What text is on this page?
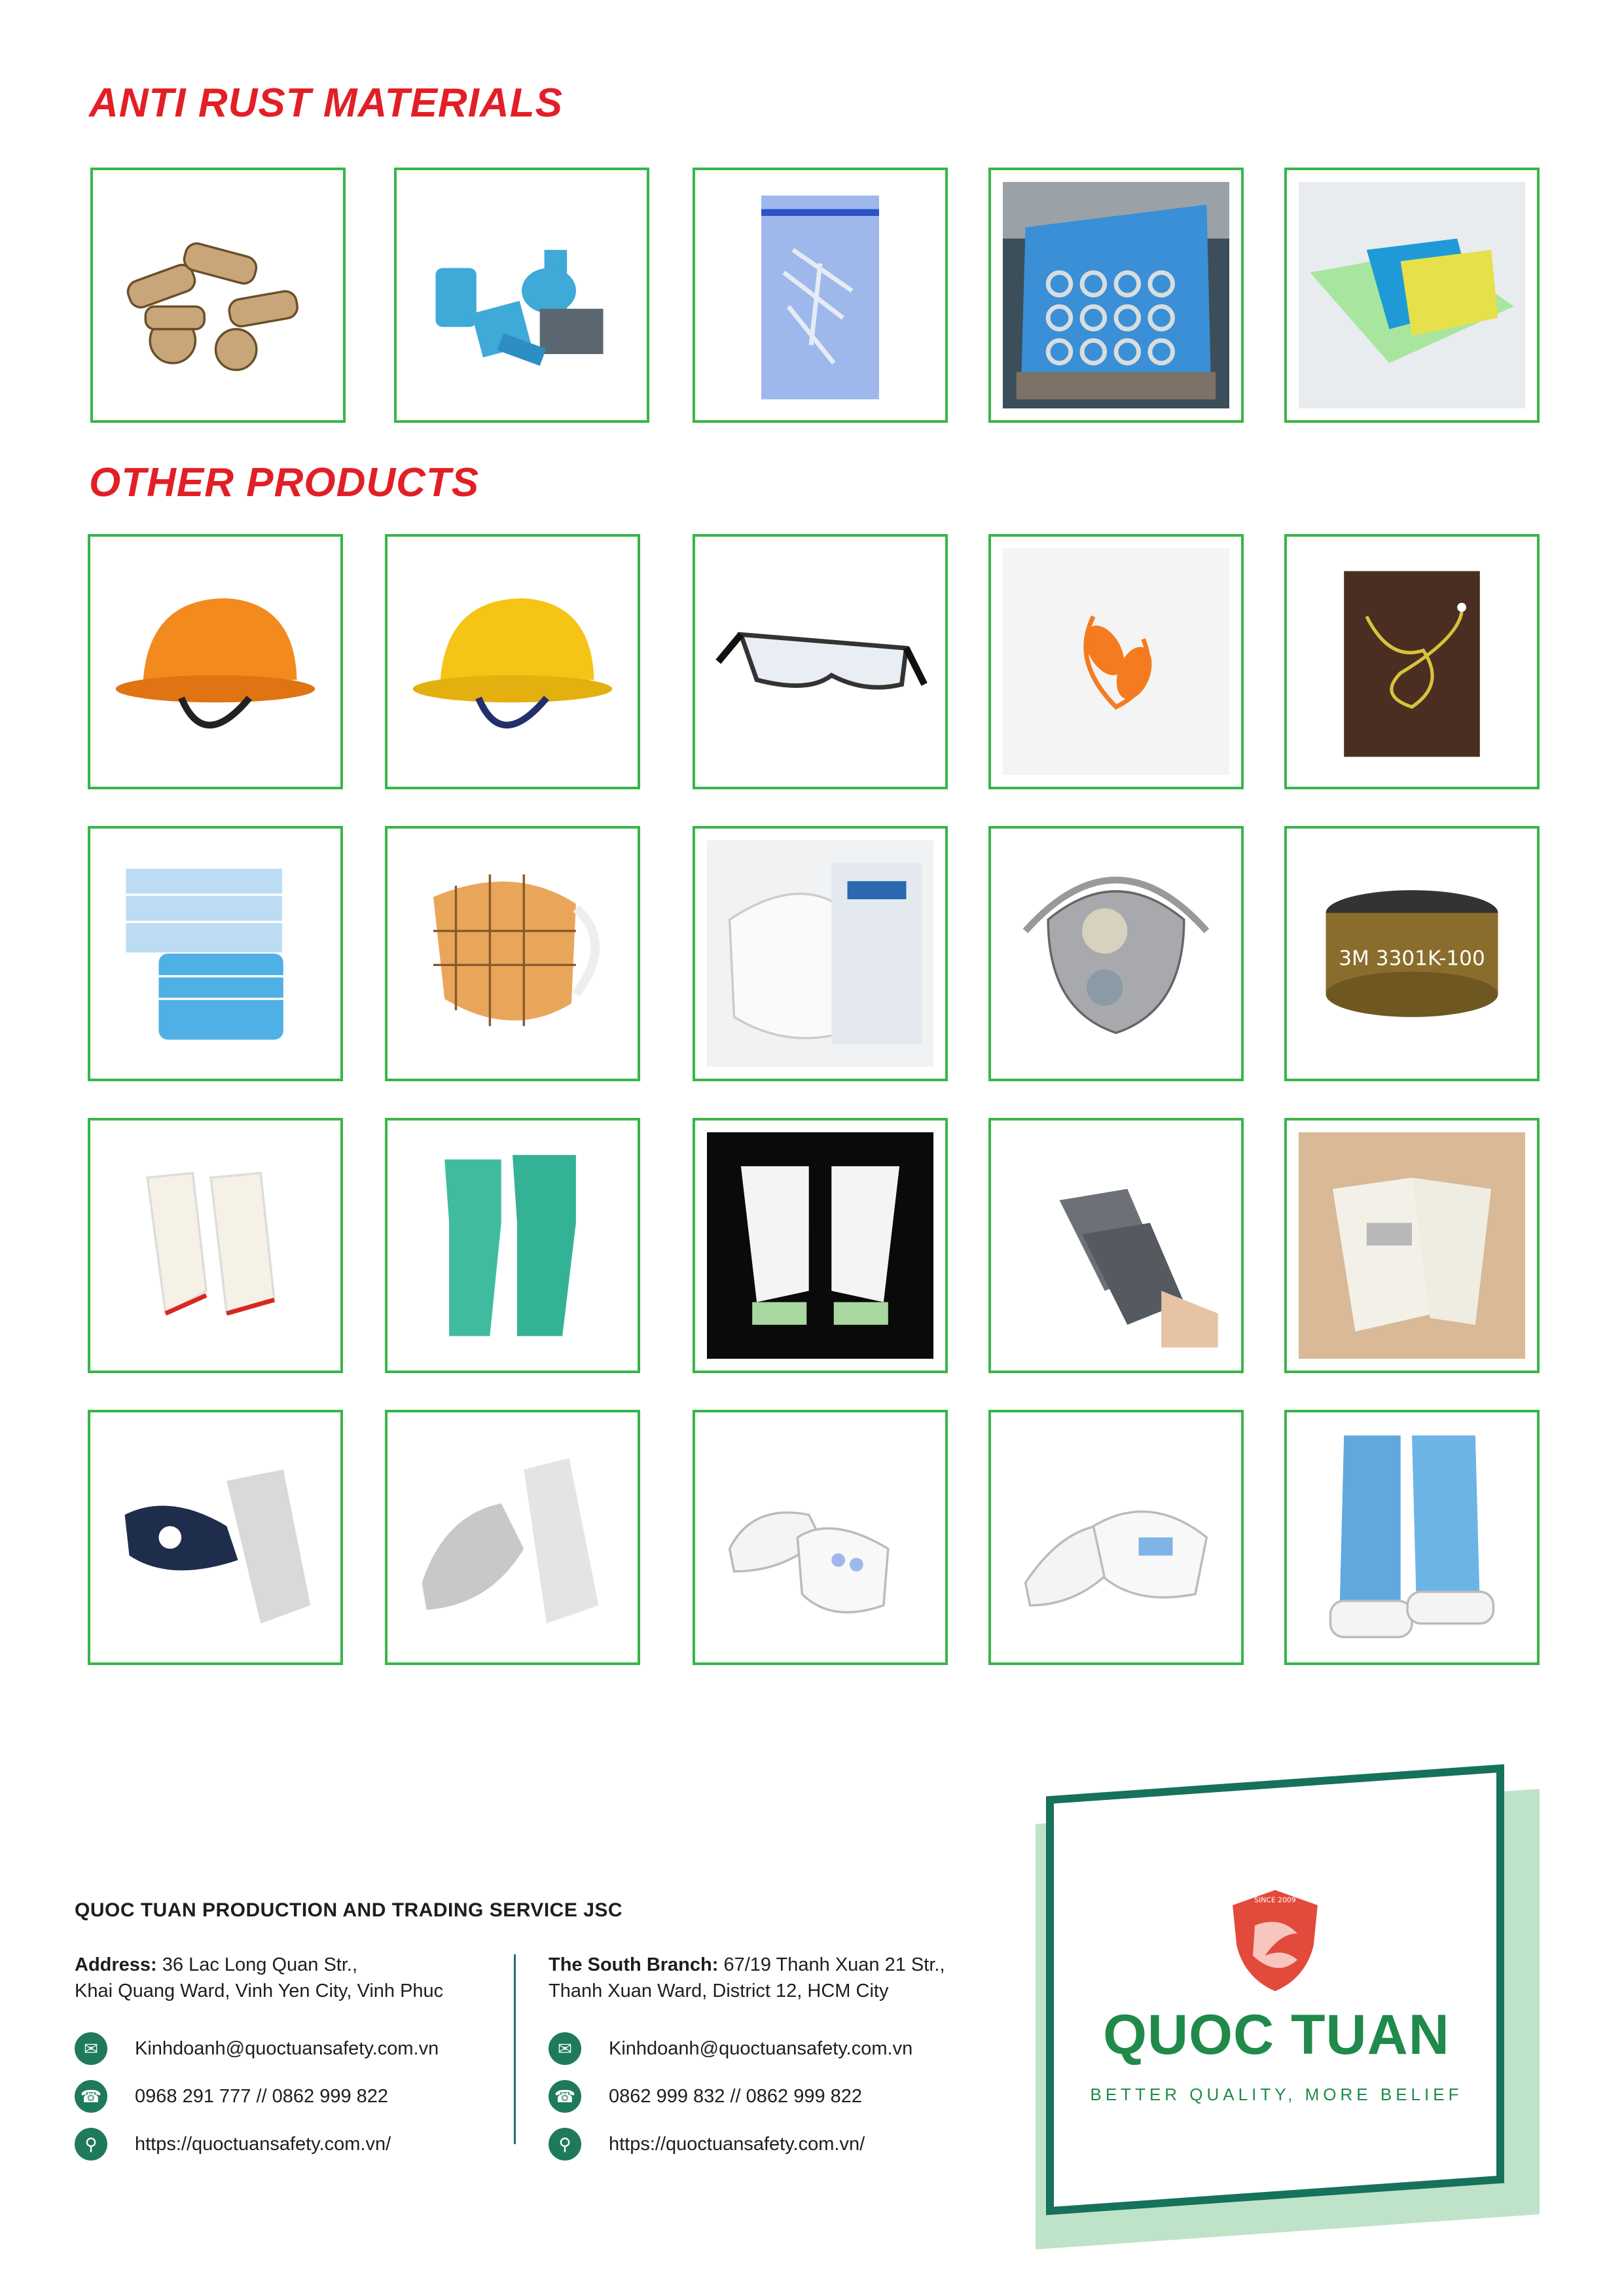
ANTI RUST MATERIALS
OTHER PRODUCTS
3M 3301K-100
QUOC TUAN PRODUCTION AND TRADING SERVICE JSC
Address: 36 Lac Long Quan Str.,
Khai Quang Ward, Vinh Yen City, Vinh Phuc
✉	Kinhdoanh@quoctuansafety.com.vn
☎	0968 291 777 // 0862 999 822
⚲	https://quoctuansafety.com.vn/
The South Branch: 67/19 Thanh Xuan 21 Str.,
Thanh Xuan Ward, District 12, HCM City
✉	Kinhdoanh@quoctuansafety.com.vn
☎	0862 999 832 // 0862 999 822
⚲	https://quoctuansafety.com.vn/
SINCE 2009
QUOC TUAN
BETTER QUALITY, MORE BELIEF
